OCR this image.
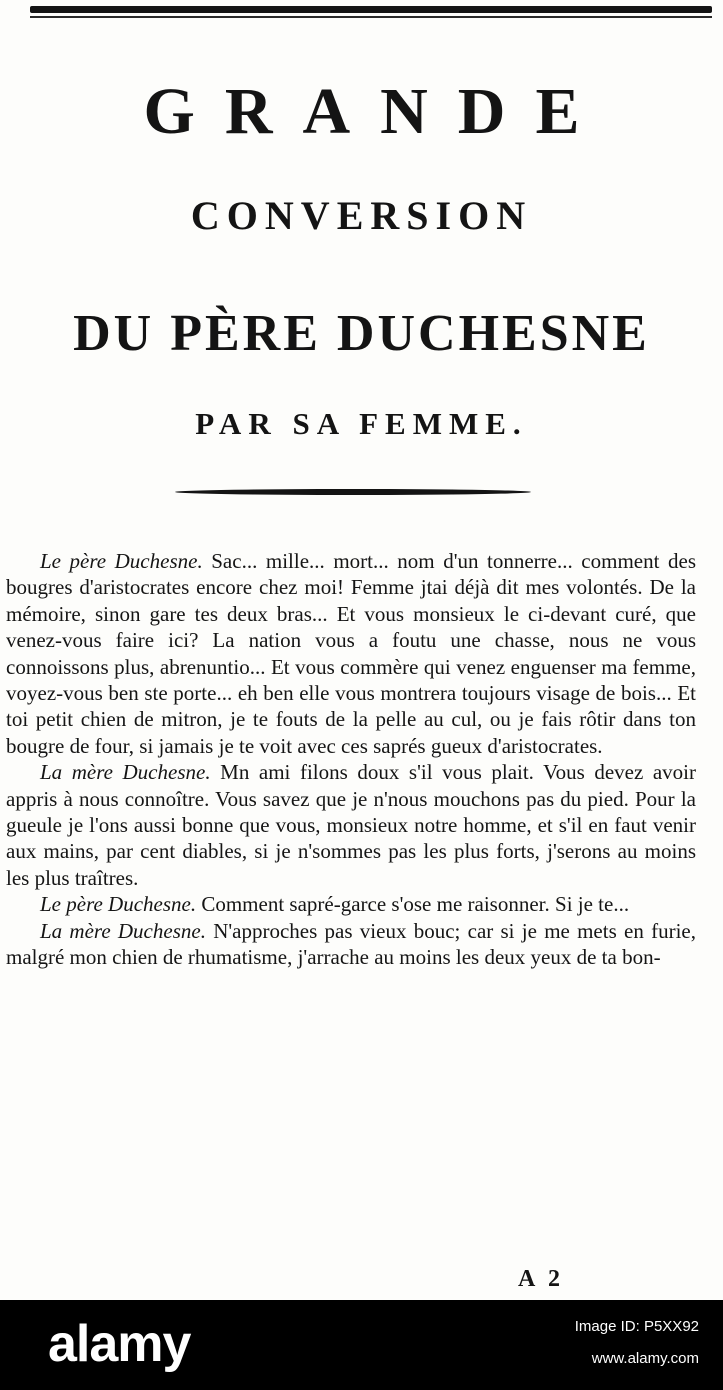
GRANDE
CONVERSION
DU PÈRE DUCHESNE
PAR SA FEMME.

Le père Duchesne. Sac... mille... mort... nom d'un tonnerre... comment des bougres d'aristocrates encore chez moi! Femme jtai déjà dit mes volontés. De la mémoire, sinon gare tes deux bras... Et vous monsieux le ci-devant curé, que venez-vous faire ici? La nation vous a foutu une chasse, nous ne vous connoissons plus, abrenuntio... Et vous commère qui venez enguenser ma femme, voyez-vous ben ste porte... eh ben elle vous montrera toujours visage de bois... Et toi petit chien de mitron, je te fouts de la pelle au cul, ou je fais rôtir dans ton bougre de four, si jamais je te voit avec ces saprés gueux d'aristocrates.

La mère Duchesne. Mn ami filons doux s'il vous plait. Vous devez avoir appris à nous connoître. Vous savez que je n'nous mouchons pas du pied. Pour la gueule je l'ons aussi bonne que vous, monsieux notre homme, et s'il en faut venir aux mains, par cent diables, si je n'sommes pas les plus forts, j'serons au moins les plus traîtres.

Le père Duchesne. Comment sapré-garce s'ose me raisonner. Si je te...

La mère Duchesne. N'approches pas vieux bouc; car si je me mets en furie, malgré mon chien de rhumatisme, j'arrache au moins les deux yeux de ta bon-

A 2
alamy	Image ID: P5XX92
www.alamy.com
